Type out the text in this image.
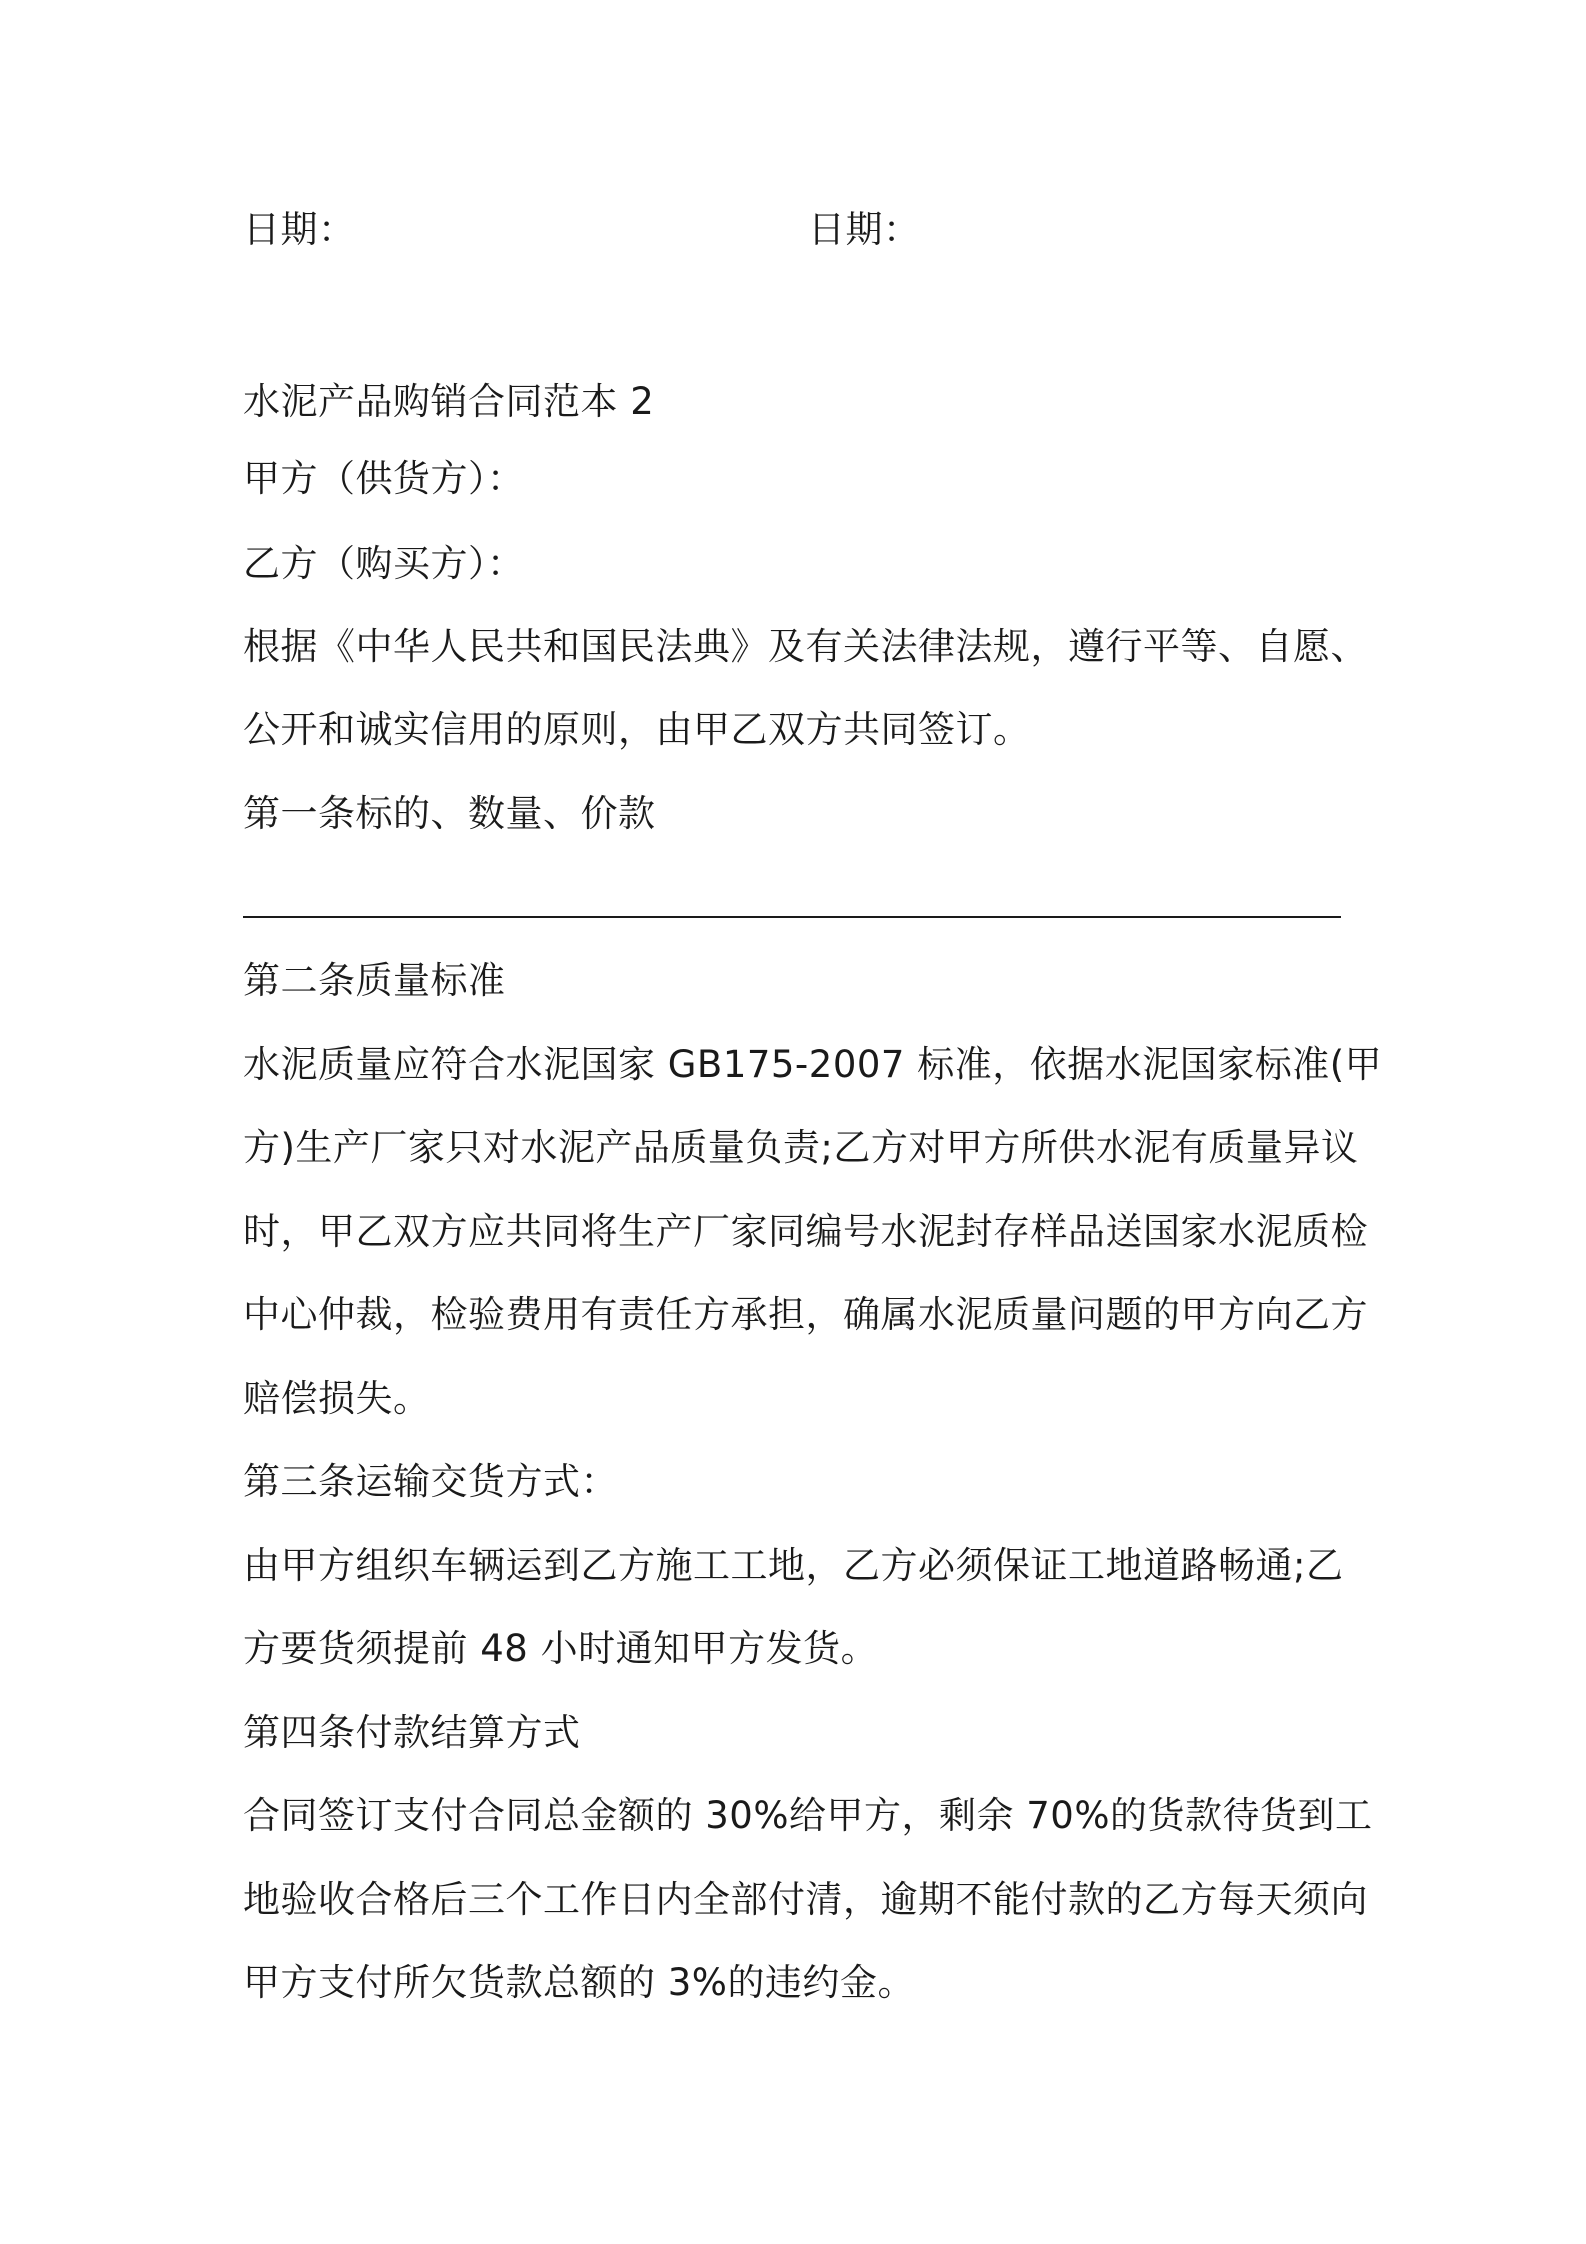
日期：	日期：
水泥产品购销合同范本 2
甲方（供货方）：
乙方（购买方）：
根据《中华人民共和国民法典》及有关法律法规，遵行平等、自愿、
公开和诚实信用的原则，由甲乙双方共同签订。
第一条标的、数量、价款
第二条质量标准
水泥质量应符合水泥国家 GB175-2007 标准，依据水泥国家标准(甲
方)生产厂家只对水泥产品质量负责;乙方对甲方所供水泥有质量异议
时，甲乙双方应共同将生产厂家同编号水泥封存样品送国家水泥质检
中心仲裁，检验费用有责任方承担，确属水泥质量问题的甲方向乙方
赔偿损失。
第三条运输交货方式：
由甲方组织车辆运到乙方施工工地，乙方必须保证工地道路畅通;乙
方要货须提前 48 小时通知甲方发货。
第四条付款结算方式
合同签订支付合同总金额的 30%给甲方，剩余 70%的货款待货到工
地验收合格后三个工作日内全部付清，逾期不能付款的乙方每天须向
甲方支付所欠货款总额的 3%的违约金。
